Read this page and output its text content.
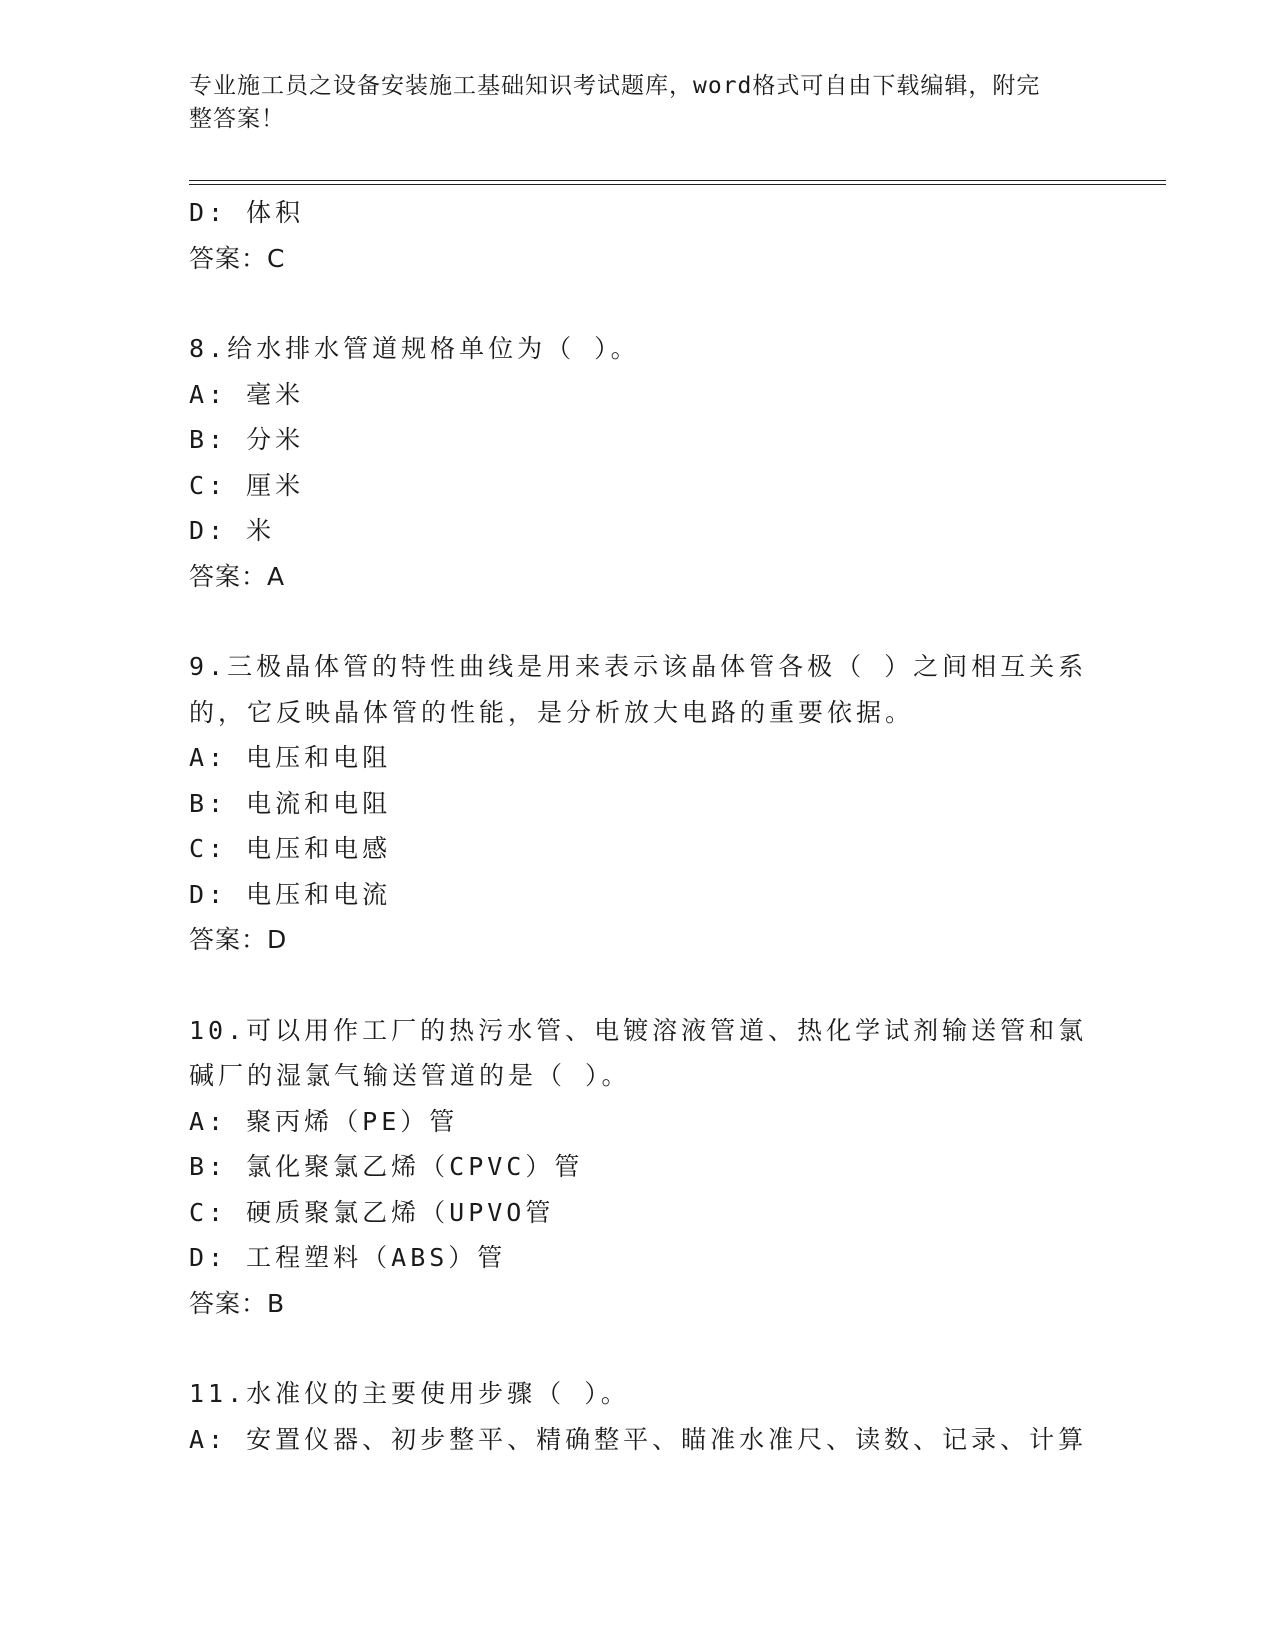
专业施工员之设备安装施工基础知识考试题库，word格式可自由下载编辑，附完
整答案！
D: 体积
答案：C
8.给水排水管道规格单位为（ ）。
A: 毫米
B: 分米
C: 厘米
D: 米
答案：A
9.三极晶体管的特性曲线是用来表示该晶体管各极（ ）之间相互关系
的，它反映晶体管的性能，是分析放大电路的重要依据。
A: 电压和电阻
B: 电流和电阻
C: 电压和电感
D: 电压和电流
答案：D
10.可以用作工厂的热污水管、电镀溶液管道、热化学试剂输送管和氯
碱厂的湿氯气输送管道的是（ ）。
A: 聚丙烯（PE）管
B: 氯化聚氯乙烯（CPVC）管
C: 硬质聚氯乙烯（UPVO管
D: 工程塑料（ABS）管
答案：B
11.水准仪的主要使用步骤（ ）。
A: 安置仪器、初步整平、精确整平、瞄准水准尺、读数、记录、计算
